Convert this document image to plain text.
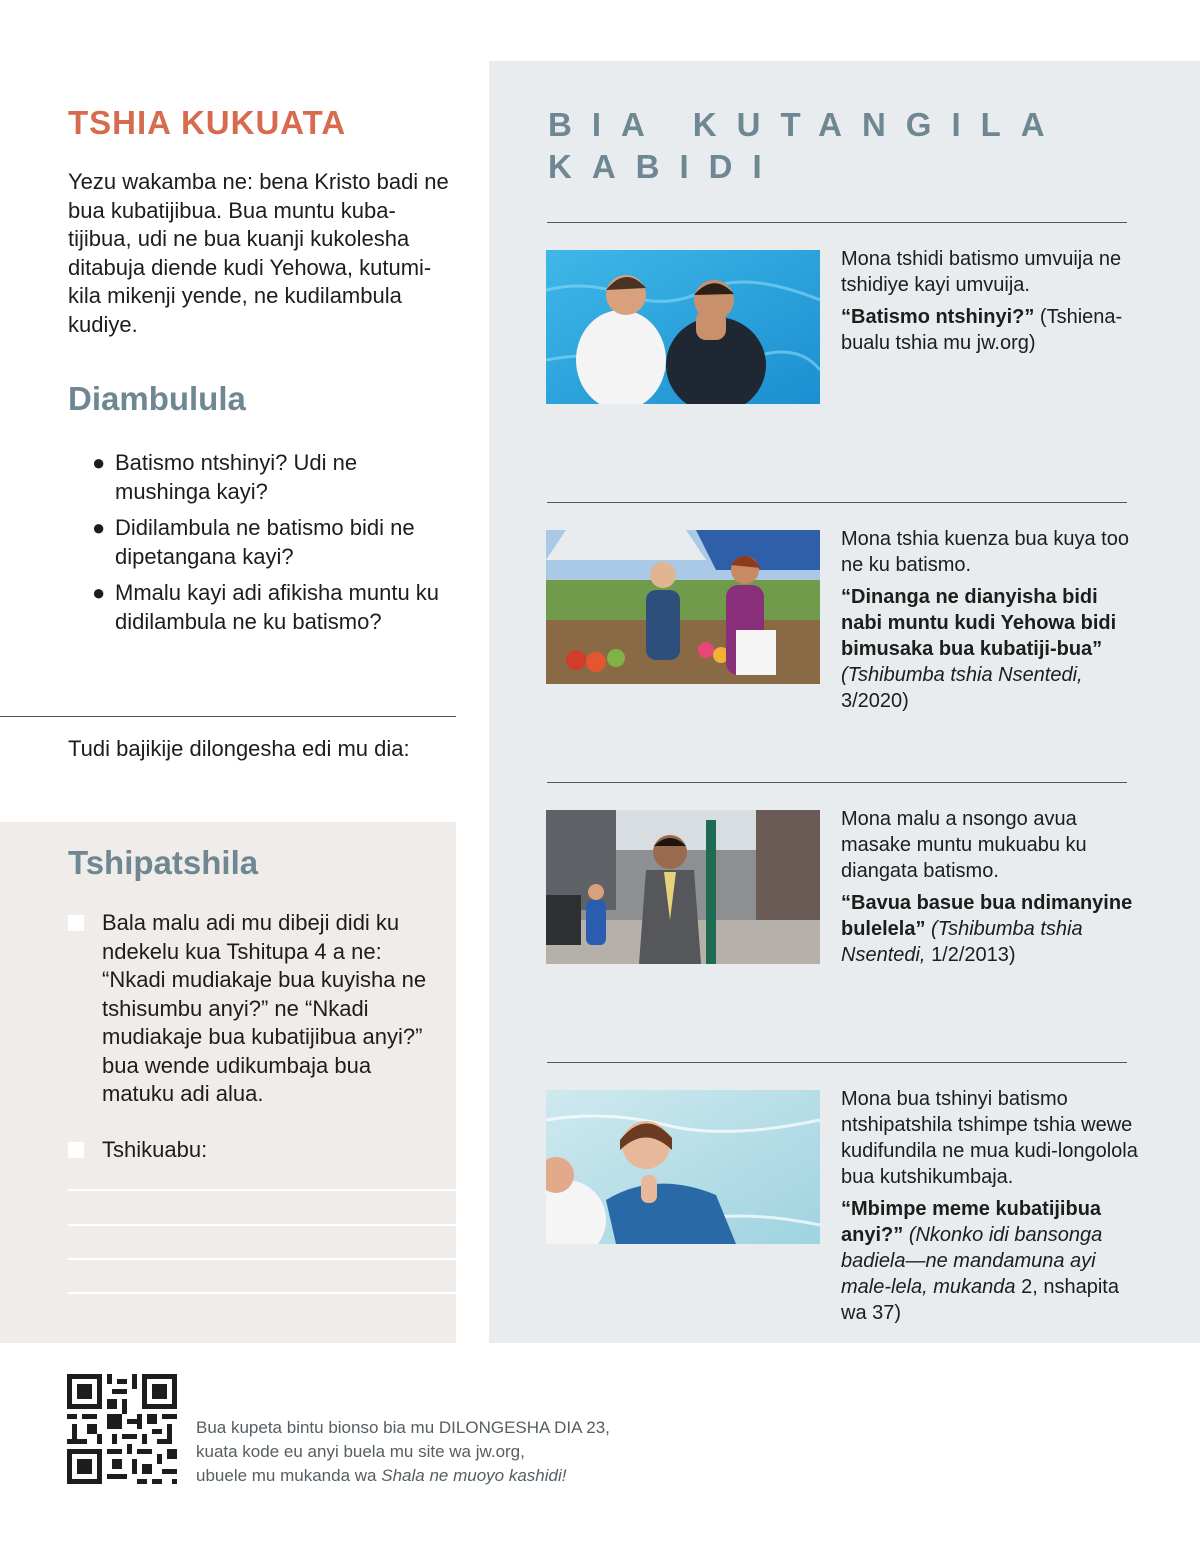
TSHIA KUKUATA

Yezu wakamba ne: bena Kristo badi ne bua kubatijibua. Bua muntu kuba-tijibua, udi ne bua kuanji kukolesha ditabuja diende kudi Yehowa, kutumi-kila mikenji yende, ne kudilambula kudiye.

Diambulula
● Batismo ntshinyi? Udi ne mushinga kayi?
● Didilambula ne batismo bidi ne dipetangana kayi?
● Mmalu kayi adi afikisha muntu ku didilambula ne ku batismo?

Tudi bajikije dilongesha edi mu dia:

Tshipatshila
Bala malu adi mu dibeji didi ku ndekelu kua Tshitupa 4 a ne: “Nkadi mudiakaje bua kuyisha ne tshisumbu anyi?” ne “Nkadi mudiakaje bua kubatijibua anyi?” bua wende udikumbaja bua matuku adi alua.
Tshikuabu:
BIA KUTANGILA
KABIDI

Mona tshidi batismo umvuija ne tshidiye kayi umvuija.

“Batismo ntshinyi?” (Tshiena-bualu tshia mu jw.org)

Mona tshia kuenza bua kuya too ne ku batismo.

“Dinanga ne dianyisha bidi nabi muntu kudi Yehowa bidi bimusaka bua kubatiji-bua” (Tshibumba tshia Nsentedi, 3/2020)

Mona malu a nsongo avua masake muntu mukuabu ku diangata batismo.

“Bavua basue bua ndimanyine bulelela” (Tshibumba tshia Nsentedi, 1/2/2013)

Mona bua tshinyi batismo ntshipatshila tshimpe tshia wewe kudifundila ne mua kudi-longolola bua kutshikumbaja.

“Mbimpe meme kubatijibua anyi?” (Nkonko idi bansonga badiela—ne mandamuna ayi male-lela, mukanda 2, nshapita wa 37)

Bua kupeta bintu bionso bia mu DILONGESHA DIA 23,
kuata kode eu anyi buela mu site wa jw.org,
ubuele mu mukanda wa Shala ne muoyo kashidi!
